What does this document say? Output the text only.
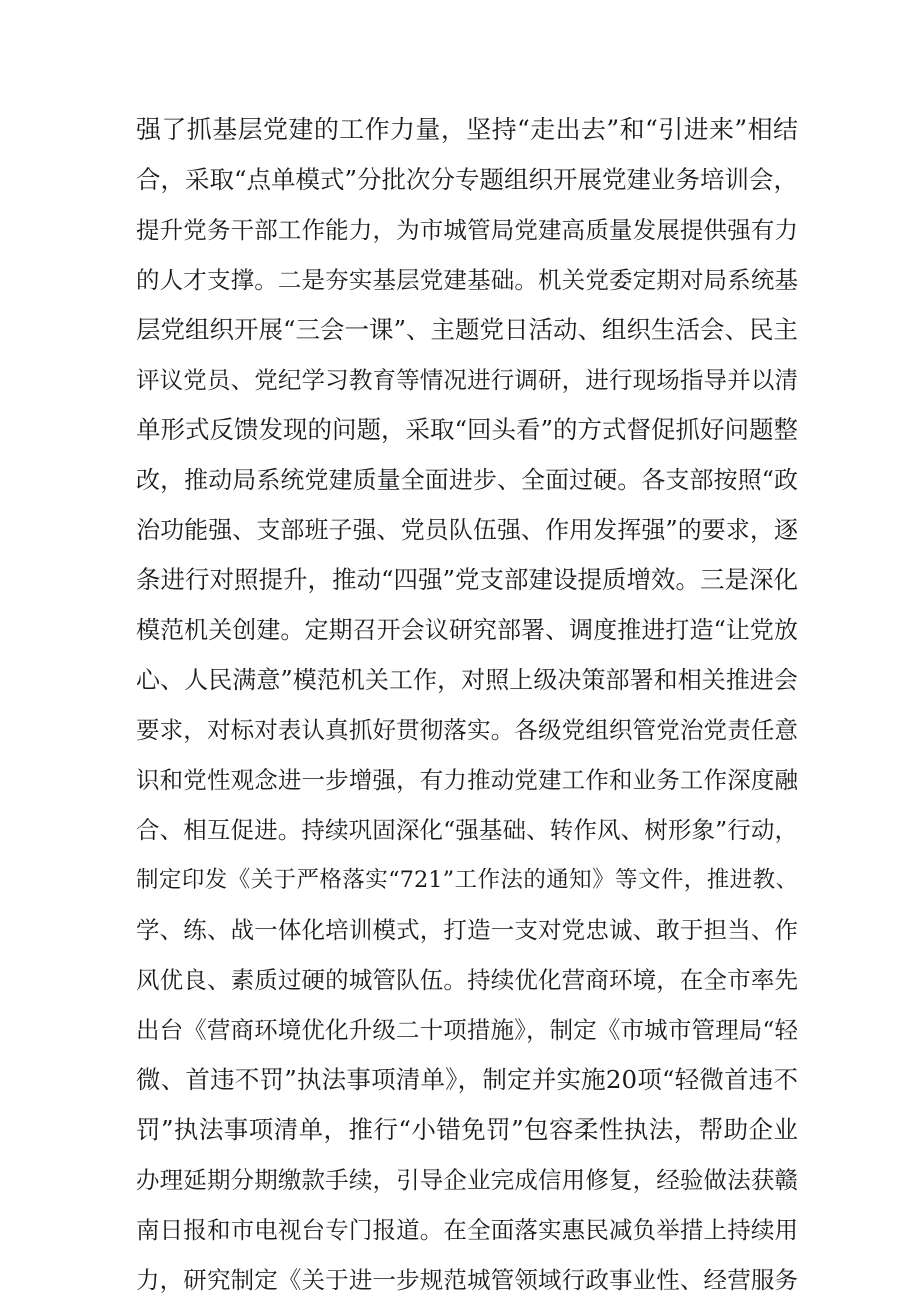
强了抓基层党建的工作力量，坚持“走出去”和“引进来”相结
合，采取“点单模式”分批次分专题组织开展党建业务培训会，
提升党务干部工作能力，为市城管局党建高质量发展提供强有力
的人才支撑。二是夯实基层党建基础。机关党委定期对局系统基
层党组织开展“三会一课”、主题党日活动、组织生活会、民主
评议党员、党纪学习教育等情况进行调研，进行现场指导并以清
单形式反馈发现的问题，采取“回头看”的方式督促抓好问题整
改，推动局系统党建质量全面进步、全面过硬。各支部按照“政
治功能强、支部班子强、党员队伍强、作用发挥强”的要求，逐
条进行对照提升，推动“四强”党支部建设提质增效。三是深化
模范机关创建。定期召开会议研究部署、调度推进打造“让党放
心、人民满意”模范机关工作，对照上级决策部署和相关推进会
要求，对标对表认真抓好贯彻落实。各级党组织管党治党责任意
识和党性观念进一步增强，有力推动党建工作和业务工作深度融
合、相互促进。持续巩固深化“强基础、转作风、树形象”行动，
制定印发《关于严格落实“721”工作法的通知》等文件，推进教、
学、练、战一体化培训模式，打造一支对党忠诚、敢于担当、作
风优良、素质过硬的城管队伍。持续优化营商环境，在全市率先
出台《营商环境优化升级二十项措施》，制定《市城市管理局“轻
微、首违不罚”执法事项清单》，制定并实施20项“轻微首违不
罚”执法事项清单，推行“小错免罚”包容柔性执法，帮助企业
办理延期分期缴款手续，引导企业完成信用修复，经验做法获赣
南日报和市电视台专门报道。在全面落实惠民减负举措上持续用
力，研究制定《关于进一步规范城管领域行政事业性、经营服务
